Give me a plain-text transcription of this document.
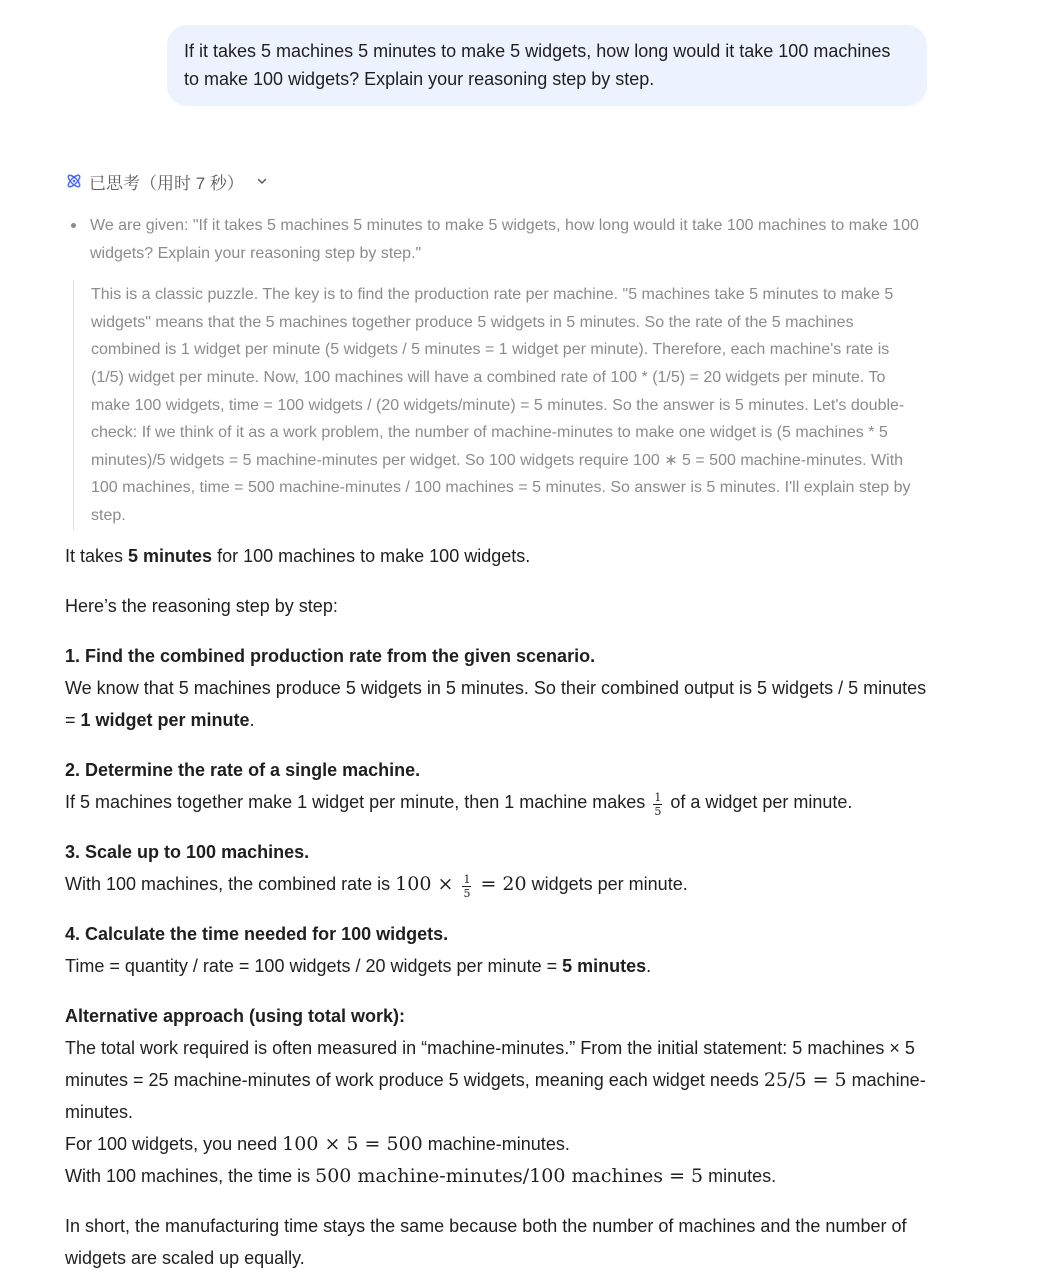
If it takes 5 machines 5 minutes to make 5 widgets, how long would it take 100 machines to make 100 widgets? Explain your reasoning step by step.
已思考（用时 7 秒）
We are given: "If it takes 5 machines 5 minutes to make 5 widgets, how long would it take 100 machines to make 100 widgets? Explain your reasoning step by step."
This is a classic puzzle. The key is to find the production rate per machine. "5 machines take 5 minutes to make 5 widgets" means that the 5 machines together produce 5 widgets in 5 minutes. So the rate of the 5 machines combined is 1 widget per minute (5 widgets / 5 minutes = 1 widget per minute). Therefore, each machine's rate is (1/5) widget per minute. Now, 100 machines will have a combined rate of 100 * (1/5) = 20 widgets per minute. To make 100 widgets, time = 100 widgets / (20 widgets/minute) = 5 minutes. So the answer is 5 minutes. Let's double-check: If we think of it as a work problem, the number of machine-minutes to make one widget is (5 machines * 5 minutes)/5 widgets = 5 machine-minutes per widget. So 100 widgets require 100 ∗ 5 = 500 machine-minutes. With 100 machines, time = 500 machine-minutes / 100 machines = 5 minutes. So answer is 5 minutes. I'll explain step by step.

It takes 5 minutes for 100 machines to make 100 widgets.

Here’s the reasoning step by step:

1. Find the combined production rate from the given scenario.
We know that 5 machines produce 5 widgets in 5 minutes. So their combined output is 5 widgets / 5 minutes = 1 widget per minute.

2. Determine the rate of a single machine.
If 5 machines together make 1 widget per minute, then 1 machine makes $\frac{1}{5}$ of a widget per minute.

3. Scale up to 100 machines.
With 100 machines, the combined rate is $100 \times \frac{1}{5} = 20$ widgets per minute.

4. Calculate the time needed for 100 widgets.
Time = quantity / rate = 100 widgets / 20 widgets per minute = 5 minutes.

Alternative approach (using total work):
The total work required is often measured in “machine-minutes.” From the initial statement: 5 machines × 5 minutes = 25 machine-minutes of work produce 5 widgets, meaning each widget needs 25/5 = 5 machine-minutes.
For 100 widgets, you need 100 × 5 = 500 machine-minutes.
With 100 machines, the time is 500 machine-minutes/100 machines = 5 minutes.

In short, the manufacturing time stays the same because both the number of machines and the number of widgets are scaled up equally.
